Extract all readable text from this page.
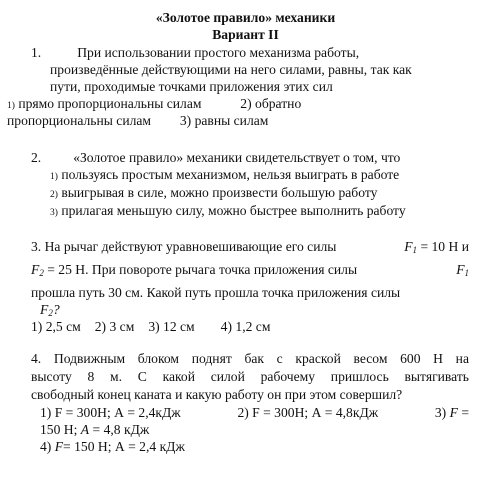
«Золотое правило» механики
Вариант II
1.	При использовании простого механизма работы,
произведённые действующими на него силами, равны, так как
пути, проходимые точками приложения этих сил
1) прямо пропорциональны силам	2) обратно
пропорциональны силам 3) равны силам
2. «Золотое правило» механики свидетельствует о том, что
1) пользуясь простым механизмом, нельзя выиграть в работе
2) выигрывая в силе, можно произвести большую работу
3) прилагая меньшую силу, можно быстрее выполнить работу
3. На рычаг действуют уравновешивающие его силы	$F_1 = 10$ Н и
$F_2 = 25$ Н. При повороте рычага точка приложения силы	$F_1$
прошла путь 30 см. Какой путь прошла точка приложения силы
$F_2$?
1) 2,5 см 2) 3 см 3) 12 см 4) 1,2 см
4. Подвижным блоком поднят бак с краской весом 600 Н на
высоту 8 м. С какой силой рабочему пришлось вытягивать
свободный конец каната и какую работу он при этом совершил?
1) F = 300Н; А = 2,4кДж	2) F = 300Н; А = 4,8кДж	3) F =
150 Н; A = 4,8 кДж
4) F= 150 Н; А = 2,4 кДж
